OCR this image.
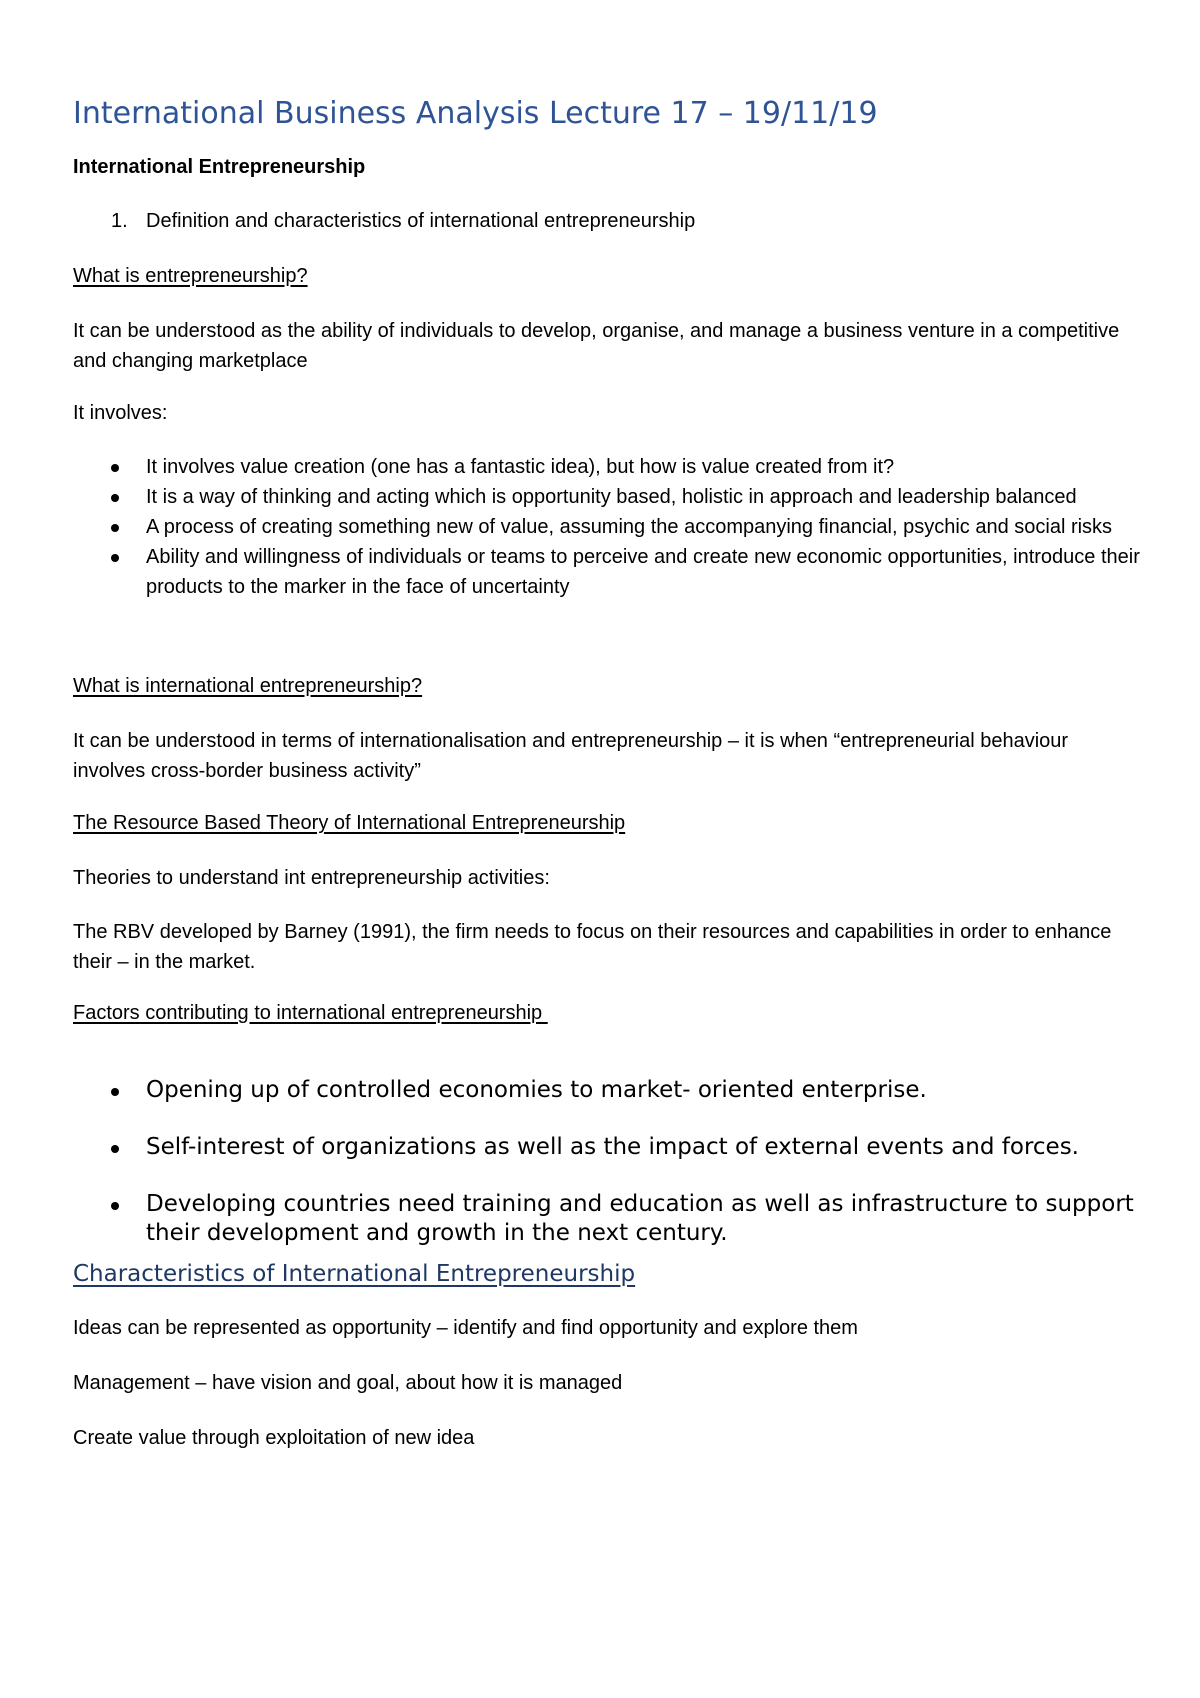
International Business Analysis Lecture 17 – 19/11/19

International Entrepreneurship

1. Definition and characteristics of international entrepreneurship

What is entrepreneurship?

It can be understood as the ability of individuals to develop, organise, and manage a business venture in a competitive and changing marketplace

It involves:

It involves value creation (one has a fantastic idea), but how is value created from it?
It is a way of thinking and acting which is opportunity based, holistic in approach and leadership balanced
A process of creating something new of value, assuming the accompanying financial, psychic and social risks
Ability and willingness of individuals or teams to perceive and create new economic opportunities, introduce their products to the marker in the face of uncertainty

What is international entrepreneurship?

It can be understood in terms of internationalisation and entrepreneurship – it is when “entrepreneurial behaviour involves cross-border business activity”

The Resource Based Theory of International Entrepreneurship

Theories to understand int entrepreneurship activities:

The RBV developed by Barney (1991), the firm needs to focus on their resources and capabilities in order to enhance their – in the market.

Factors contributing to international entrepreneurship

Opening up of controlled economies to market- oriented enterprise.
Self-interest of organizations as well as the impact of external events and forces.
Developing countries need training and education as well as infrastructure to support their development and growth in the next century.
Characteristics of International Entrepreneurship

Ideas can be represented as opportunity – identify and find opportunity and explore them

Management – have vision and goal, about how it is managed

Create value through exploitation of new idea
